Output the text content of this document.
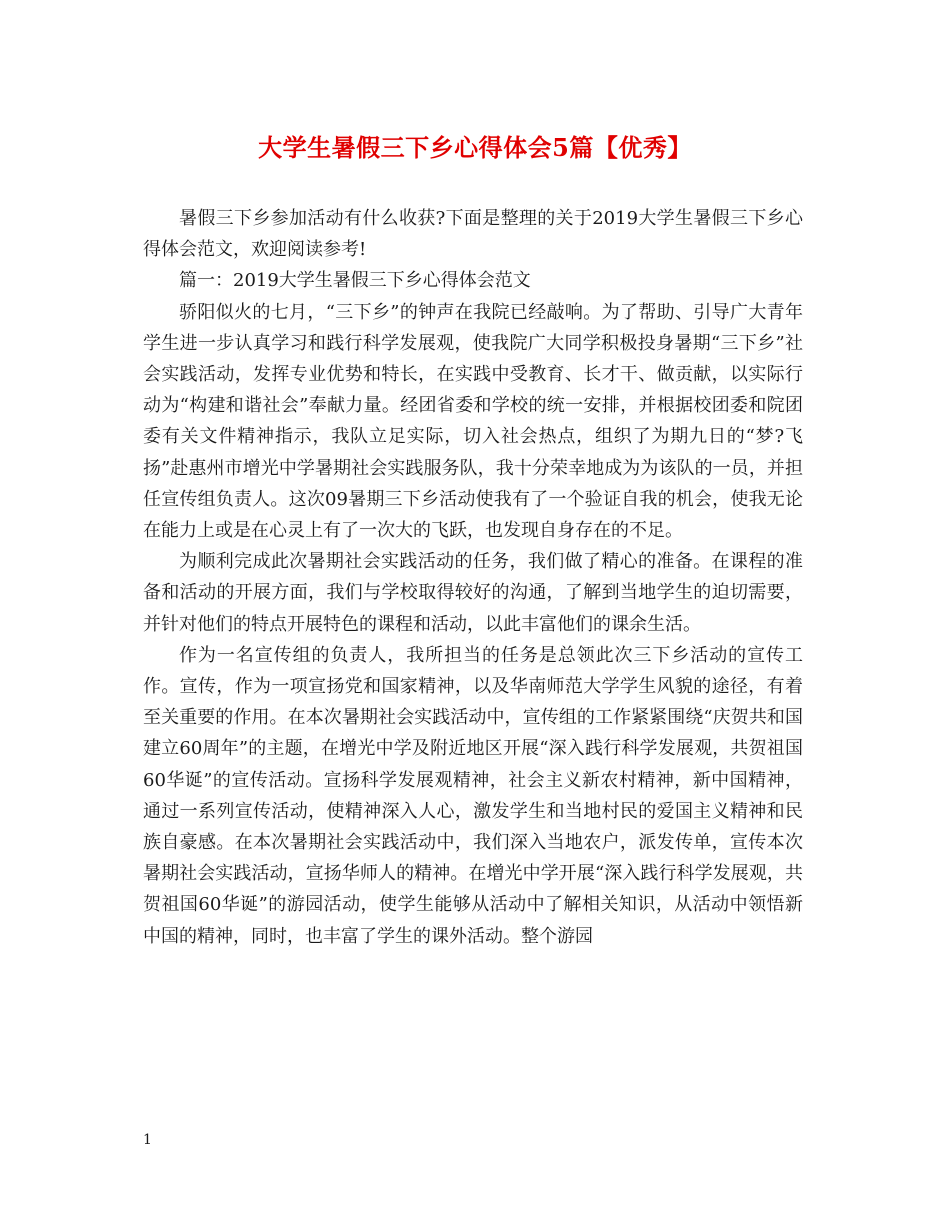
大学生暑假三下乡心得体会5篇【优秀】

暑假三下乡参加活动有什么收获?下面是整理的关于2019大学生暑假三下乡心得体会范文，欢迎阅读参考!

篇一：2019大学生暑假三下乡心得体会范文

骄阳似火的七月，“三下乡”的钟声在我院已经敲响。为了帮助、引导广大青年学生进一步认真学习和践行科学发展观，使我院广大同学积极投身暑期“三下乡”社会实践活动，发挥专业优势和特长，在实践中受教育、长才干、做贡献，以实际行动为“构建和谐社会”奉献力量。经团省委和学校的统一安排，并根据校团委和院团委有关文件精神指示，我队立足实际，切入社会热点，组织了为期九日的“梦?飞扬”赴惠州市增光中学暑期社会实践服务队，我十分荣幸地成为为该队的一员，并担任宣传组负责人。这次09暑期三下乡活动使我有了一个验证自我的机会，使我无论在能力上或是在心灵上有了一次大的飞跃，也发现自身存在的不足。

为顺利完成此次暑期社会实践活动的任务，我们做了精心的准备。在课程的准备和活动的开展方面，我们与学校取得较好的沟通，了解到当地学生的迫切需要，并针对他们的特点开展特色的课程和活动，以此丰富他们的课余生活。

作为一名宣传组的负责人，我所担当的任务是总领此次三下乡活动的宣传工作。宣传，作为一项宣扬党和国家精神，以及华南师范大学学生风貌的途径，有着至关重要的作用。在本次暑期社会实践活动中，宣传组的工作紧紧围绕“庆贺共和国建立60周年”的主题，在增光中学及附近地区开展“深入践行科学发展观，共贺祖国60华诞”的宣传活动。宣扬科学发展观精神，社会主义新农村精神，新中国精神，通过一系列宣传活动，使精神深入人心，激发学生和当地村民的爱国主义精神和民族自豪感。在本次暑期社会实践活动中，我们深入当地农户，派发传单，宣传本次暑期社会实践活动，宣扬华师人的精神。在增光中学开展“深入践行科学发展观，共贺祖国60华诞”的游园活动，使学生能够从活动中了解相关知识，从活动中领悟新中国的精神，同时，也丰富了学生的课外活动。整个游园

1
